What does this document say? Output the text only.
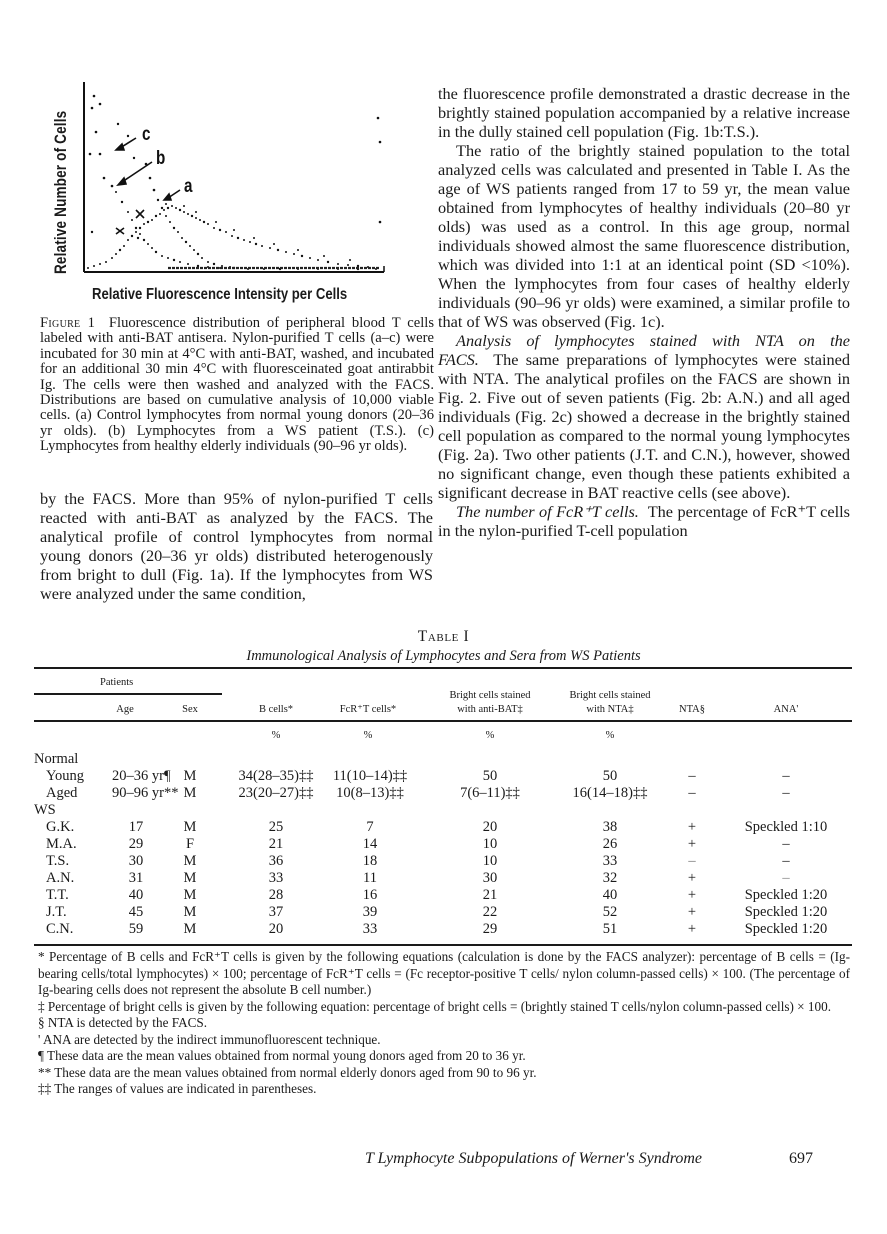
c
b
a
Relative Number of Cells
Relative Fluorescence Intensity per Cells
Figure 1 Fluorescence distribution of peripheral blood T cells labeled with anti-BAT antisera. Nylon-purified T cells (a–c) were incubated for 30 min at 4°C with anti-BAT, washed, and incubated for an additional 30 min 4°C with fluoresceinated goat antirabbit Ig. The cells were then washed and analyzed with the FACS. Distributions are based on cumulative analysis of 10,000 viable cells. (a) Control lymphocytes from normal young donors (20–36 yr olds). (b) Lymphocytes from a WS patient (T.S.). (c) Lymphocytes from healthy elderly individuals (90–96 yr olds).

by the FACS. More than 95% of nylon-purified T cells reacted with anti-BAT as analyzed by the FACS. The analytical profile of control lymphocytes from normal young donors (20–36 yr olds) distributed heterogenously from bright to dull (Fig. 1a). If the lymphocytes from WS were analyzed under the same condition,

the fluorescence profile demonstrated a drastic decrease in the brightly stained population accompanied by a relative increase in the dully stained cell population (Fig. 1b:T.S.).

The ratio of the brightly stained population to the total analyzed cells was calculated and presented in Table I. As the age of WS patients ranged from 17 to 59 yr, the mean value obtained from lymphocytes of healthy individuals (20–80 yr olds) was used as a control. In this age group, normal individuals showed almost the same fluorescence distribution, which was divided into 1:1 at an identical point (SD <10%). When the lymphocytes from four cases of healthy elderly individuals (90–96 yr olds) were examined, a similar profile to that of WS was observed (Fig. 1c).

Analysis of lymphocytes stained with NTA on the FACS. The same preparations of lymphocytes were stained with NTA. The analytical profiles on the FACS are shown in Fig. 2. Five out of seven patients (Fig. 2b: A.N.) and all aged individuals (Fig. 2c) showed a decrease in the brightly stained cell population as compared to the normal young lymphocytes (Fig. 2a). Two other patients (J.T. and C.N.), however, showed no significant change, even though these patients exhibited a significant decrease in BAT reactive cells (see above).

The number of FcR⁺T cells. The percentage of FcR⁺T cells in the nylon-purified T-cell population

Table I
Immunological Analysis of Lymphocytes and Sera from WS Patients
Patients
Age	Sex	B cells*	FcR⁺T cells*
Bright cells stained
with anti-BAT‡
Bright cells stained
with NTA‡	NTA§	ANA'
%	%	%	%
Normal
Young 20–36 yr¶ M	34(28–35)‡‡	11(10–14)‡‡	50	50	–	–
Aged 90–96 yr** M	23(20–27)‡‡	10(8–13)‡‡	7(6–11)‡‡	16(14–18)‡‡	–	–
WS
G.K.	17	M	25	7	20	38	+	Speckled 1:10
M.A.	29	F	21	14	10	26	+	–
T.S.	30	M	36	18	10	33	–	–
A.N.	31	M	33	11	30	32	+	–
T.T.	40	M	28	16	21	40	+	Speckled 1:20
J.T.	45	M	37	39	22	52	+	Speckled 1:20
C.N.	59	M	20	33	29	51	+	Speckled 1:20
* Percentage of B cells and FcR⁺T cells is given by the following equations (calculation is done by the FACS analyzer): percentage of B cells = (Ig-bearing cells/total lymphocytes) × 100; percentage of FcR⁺T cells = (Fc receptor-positive T cells/ nylon column-passed cells) × 100. (The percentage of Ig-bearing cells does not represent the absolute B cell number.)
‡ Percentage of bright cells is given by the following equation: percentage of bright cells = (brightly stained T cells/nylon column-passed cells) × 100.
§ NTA is detected by the FACS.
' ANA are detected by the indirect immunofluorescent technique.
¶ These data are the mean values obtained from normal young donors aged from 20 to 36 yr.
** These data are the mean values obtained from normal elderly donors aged from 90 to 96 yr.
‡‡ The ranges of values are indicated in parentheses.
T Lymphocyte Subpopulations of Werner's Syndrome	697
